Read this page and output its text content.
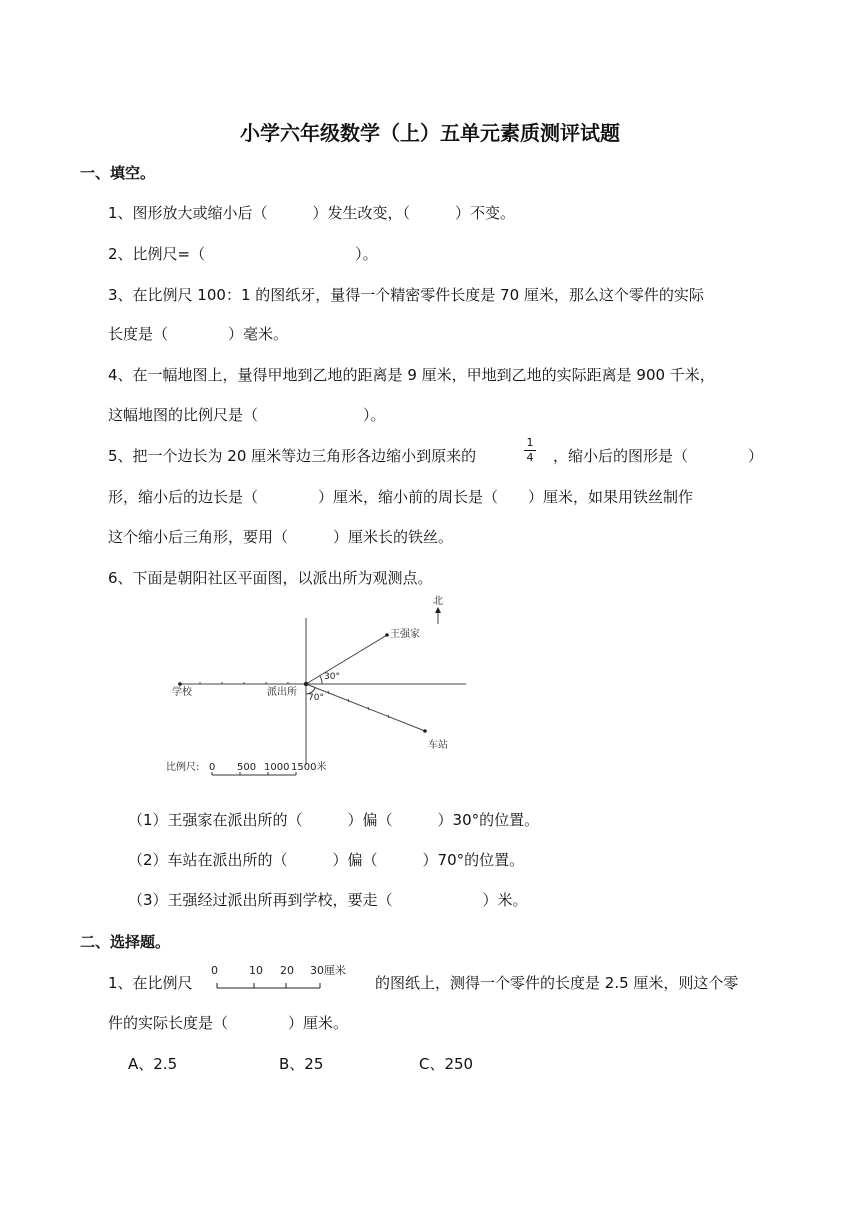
小学六年级数学（上）五单元素质测评试题
一、填空。
1、图形放大或缩小后（　　　）发生改变，（　　　）不变。
2、比例尺=（　　　　　　　　　　）。
3、在比例尺 100：1 的图纸牙，量得一个精密零件长度是 70 厘米，那么这个零件的实际
长度是（　　　　）毫米。
4、在一幅地图上，量得甲地到乙地的距离是 9 厘米，甲地到乙地的实际距离是 900 千米，
这幅地图的比例尺是（　　　　　　　）。
5、把一个边长为 20 厘米等边三角形各边缩小到原来的
1
4 ，缩小后的图形是（　　　　）
形，缩小后的边长是（　　　　）厘米，缩小前的周长是（　　）厘米，如果用铁丝制作
这个缩小后三角形，要用（　　　）厘米长的铁丝。
6、下面是朝阳社区平面图，以派出所为观测点。
北
王强家
学校	派出所
30°
70°
车站
比例尺: 0 500 1000 1500米
（1）王强家在派出所的（　　　）偏（　　　）30°的位置。
（2）车站在派出所的（　　　）偏（　　　）70°的位置。
（3）王强经过派出所再到学校，要走（　　　　　　）米。
二、选择题。
1、在比例尺
0	10 20 30厘米
的图纸上，测得一个零件的长度是 2.5 厘米，则这个零
件的实际长度是（　　　　）厘米。
A、2.5	B、25	C、250
